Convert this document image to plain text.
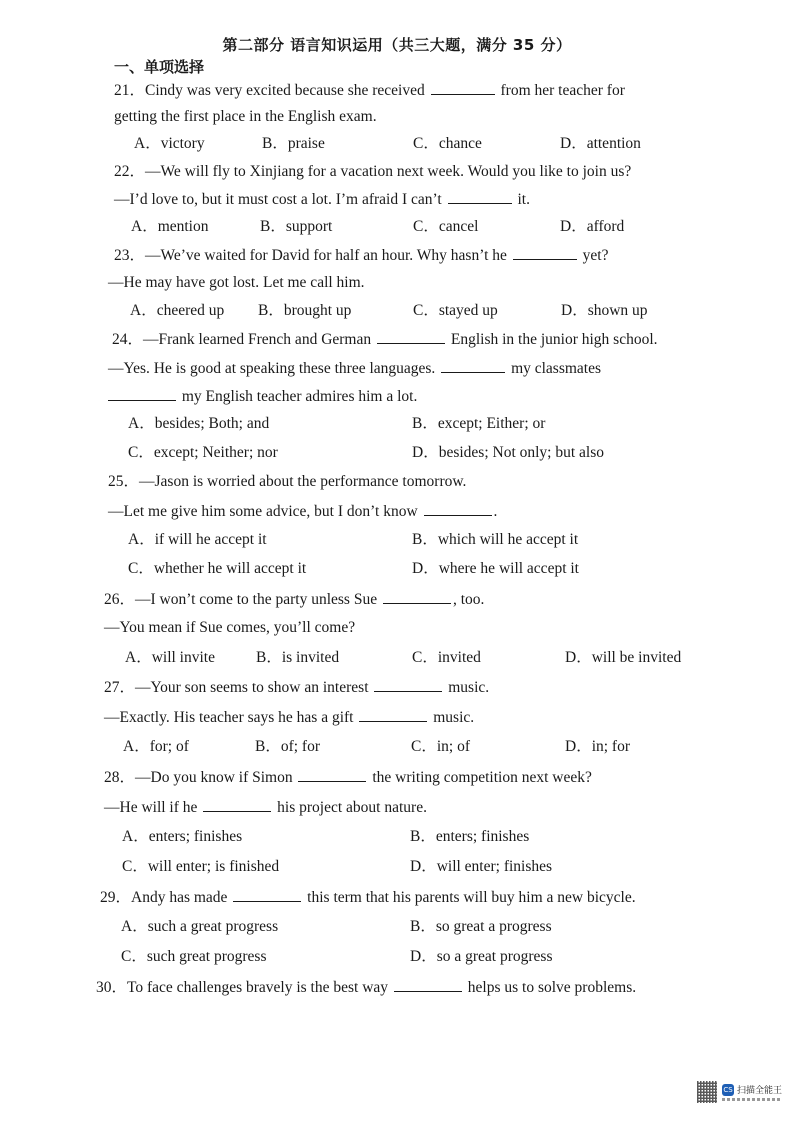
第二部分 语言知识运用（共三大题，满分 35 分）
一、单项选择
21．Cindy was very excited because she received	from her teacher for
getting the first place in the English exam.
A．victory	B．praise	C．chance	D．attention
22．—We will fly to Xinjiang for a vacation next week. Would you like to join us?
—I’d love to, but it must cost a lot. I’m afraid I can’t	it.
A．mention	B．support	C．cancel	D．afford
23．—We’ve waited for David for half an hour. Why hasn’t he	yet?
—He may have got lost. Let me call him.
A．cheered up B．brought up	C．stayed up	D．shown up
24．—Frank learned French and German	English in the junior high school.
—Yes. He is good at speaking these three languages.	my classmates
my English teacher admires him a lot.
A．besides; Both; and	B．except; Either; or
C．except; Neither; nor	D．besides; Not only; but also
25．—Jason is worried about the performance tomorrow.
—Let me give him some advice, but I don’t know	.
A．if will he accept it	B．which will he accept it
C．whether he will accept it	D．where he will accept it
26．—I won’t come to the party unless Sue	, too.
—You mean if Sue comes, you’ll come?
A．will invite	B．is invited	C．invited	D．will be invited
27．—Your son seems to show an interest	music.
—Exactly. His teacher says he has a gift	music.
A．for; of	B．of; for	C．in; of	D．in; for
28．—Do you know if Simon	the writing competition next week?
—He will if he	his project about nature.
A．enters; finishes	B．enters; finishes
C．will enter; is finished	D．will enter; finishes
29．Andy has made	this term that his parents will buy him a new bicycle.
A．such a great progress	B．so great a progress
C．such great progress	D．so a great progress
30．To face challenges bravely is the best way	helps us to solve problems.
CS 扫描全能王
